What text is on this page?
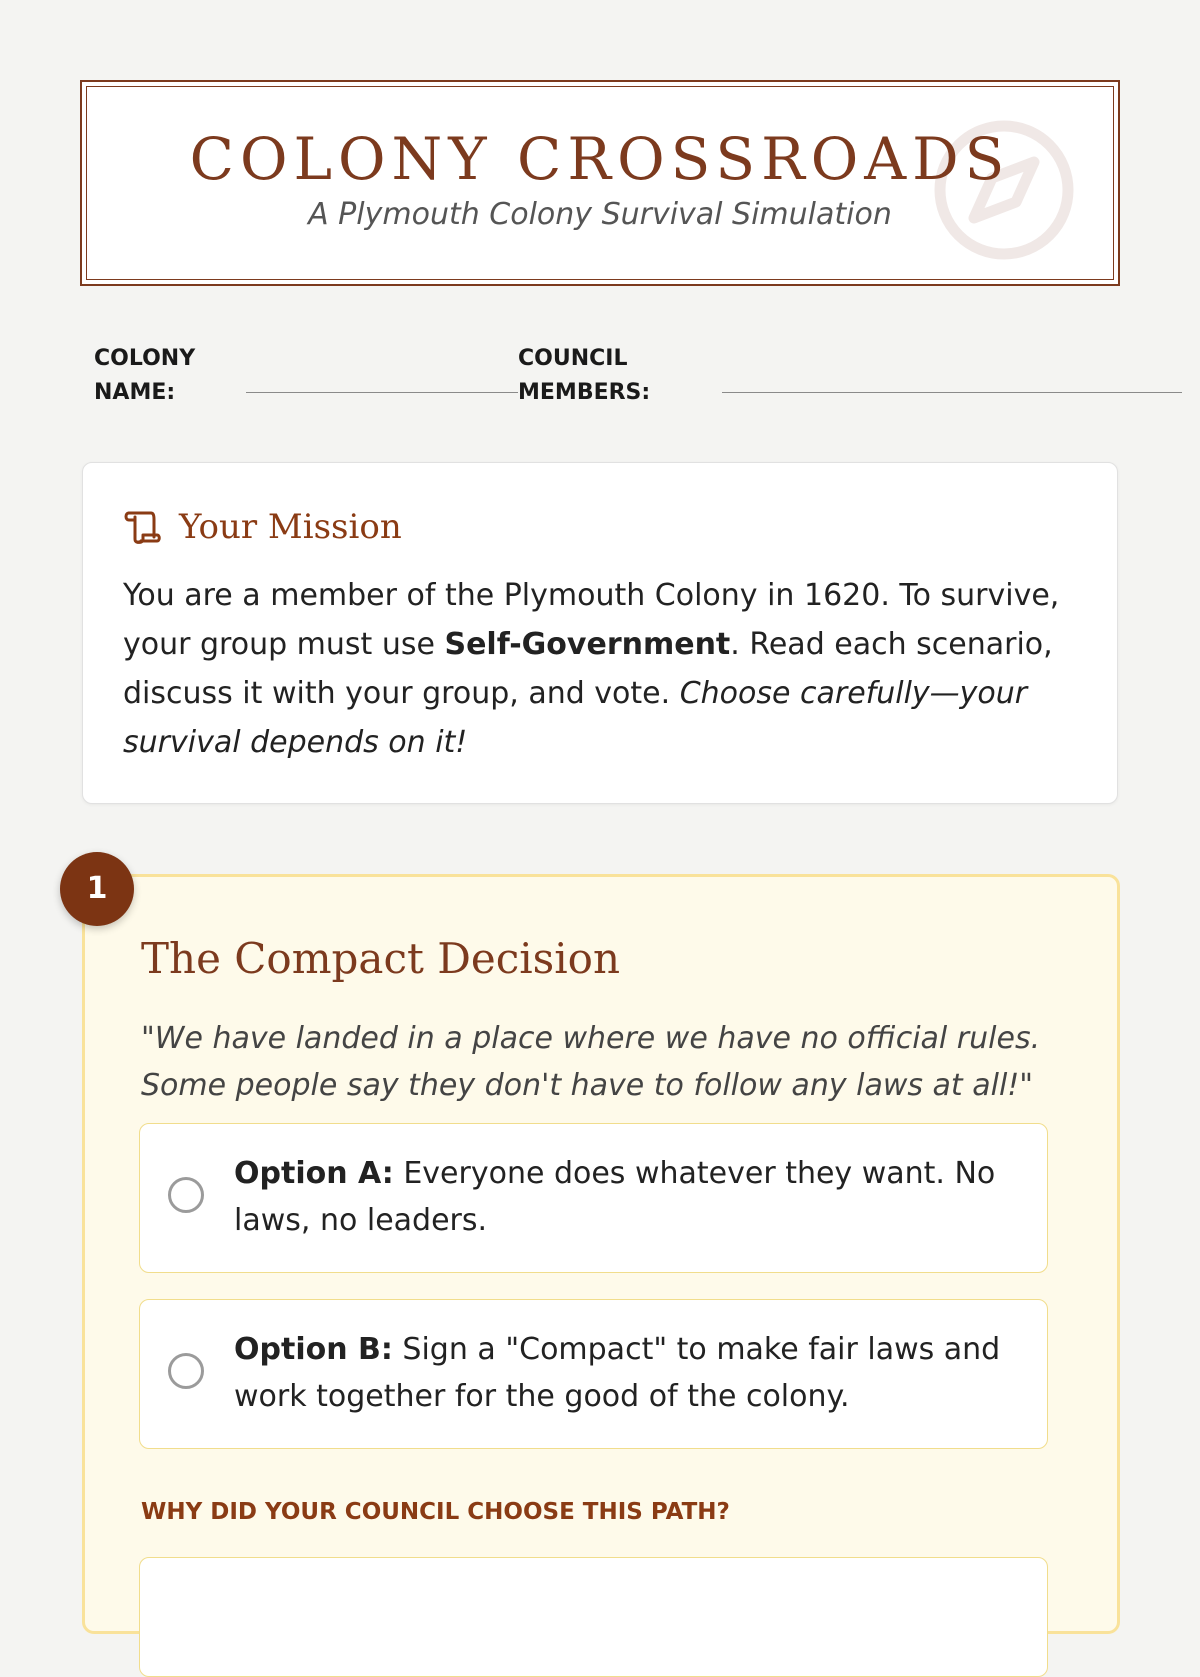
COLONY CROSSROADS
A Plymouth Colony Survival Simulation
COLONY
NAME:
COUNCIL
MEMBERS:
Your Mission
You are a member of the Plymouth Colony in 1620. To survive, your group must use Self-Government. Read each scenario, discuss it with your group, and vote. Choose carefully—your survival depends on it!
1
The Compact Decision
"We have landed in a place where we have no official rules. Some people say they don't have to follow any laws at all!"
Option A: Everyone does whatever they want. No laws, no leaders.
Option B: Sign a "Compact" to make fair laws and work together for the good of the colony.
WHY DID YOUR COUNCIL CHOOSE THIS PATH?
